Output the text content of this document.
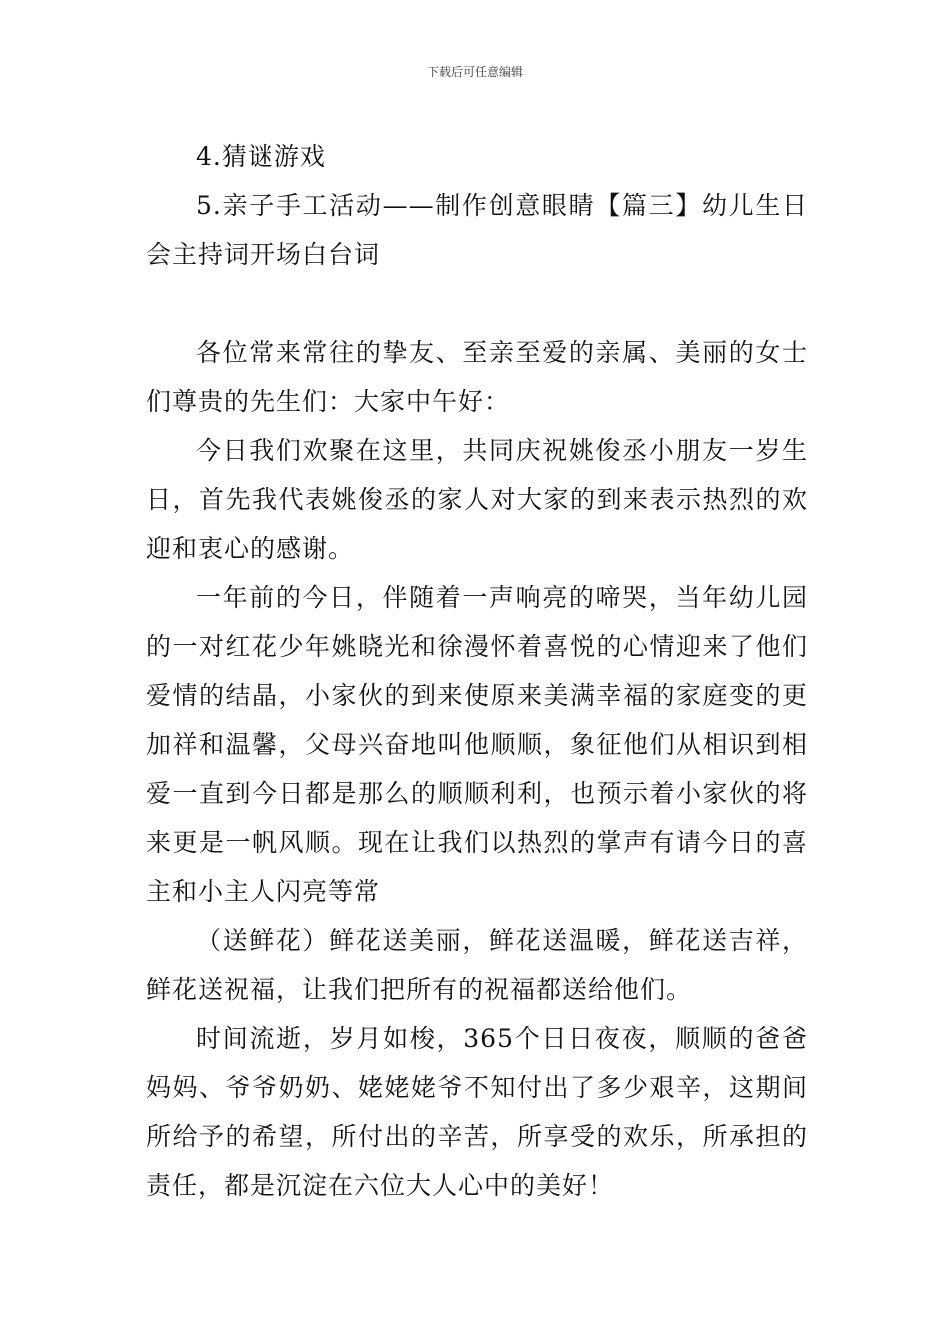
下载后可任意编辑

4.猜谜游戏

5.亲子手工活动——制作创意眼睛【篇三】幼儿生日会主持词开场白台词

各位常来常往的挚友、至亲至爱的亲属、美丽的女士们尊贵的先生们：大家中午好：

今日我们欢聚在这里，共同庆祝姚俊丞小朋友一岁生日，首先我代表姚俊丞的家人对大家的到来表示热烈的欢迎和衷心的感谢。

一年前的今日，伴随着一声响亮的啼哭，当年幼儿园的一对红花少年姚晓光和徐漫怀着喜悦的心情迎来了他们爱情的结晶，小家伙的到来使原来美满幸福的家庭变的更加祥和温馨，父母兴奋地叫他顺顺，象征他们从相识到相爱一直到今日都是那么的顺顺利利，也预示着小家伙的将来更是一帆风顺。现在让我们以热烈的掌声有请今日的喜主和小主人闪亮等常

（送鲜花）鲜花送美丽，鲜花送温暖，鲜花送吉祥，鲜花送祝福，让我们把所有的祝福都送给他们。

时间流逝，岁月如梭，365个日日夜夜，顺顺的爸爸妈妈、爷爷奶奶、姥姥姥爷不知付出了多少艰辛，这期间所给予的希望，所付出的辛苦，所享受的欢乐，所承担的责任，都是沉淀在六位大人心中的美好！
